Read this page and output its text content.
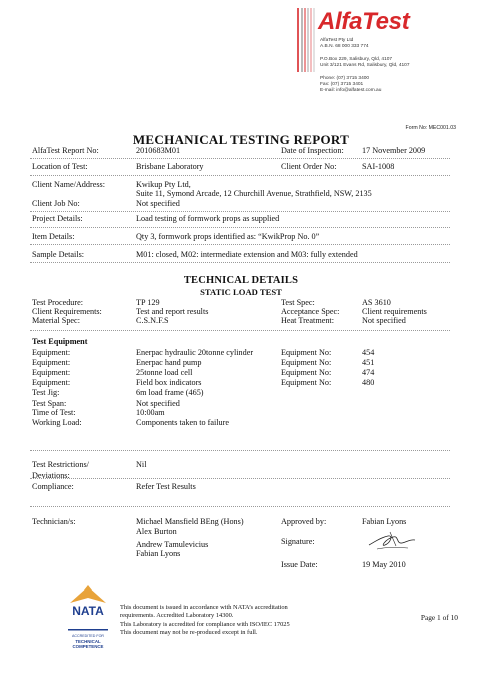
AlfaTest
AlfaTest Pty Ltd
A.B.N. 68 000 333 774
P.O.Box 229, Salisbury, Qld, 4107
Unit 3/121 Evans Rd, Salisbury, Qld, 4107
Phone: (07) 3715 3400
Fax: (07) 3715 3401
E-mail: info@alfatest.com.au
Form No: MEC001.03
MECHANICAL TESTING REPORT
AlfaTest Report No:	2010683M01	Date of Inspection: 17 November 2009
Location of Test:	Brisbane Laboratory	Client Order No:	SAI-1008
Client Name/Address:	Kwikup Pty Ltd,
Suite 11, Symond Arcade, 12 Churchill Avenue, Strathfield, NSW, 2135
Client Job No:	Not specified
Project Details:	Load testing of formwork props as supplied
Item Details:	Qty 3, formwork props identified as: “KwikProp No. 0”
Sample Details:	M01: closed, M02: intermediate extension and M03: fully extended
TECHNICAL DETAILS
STATIC LOAD TEST
Test Procedure:	TP 129	Test Spec:	AS 3610
Client Requirements:	Test and report results	Acceptance Spec:	Client requirements
Material Spec:	C.S.N.F.S	Heat Treatment:	Not specified
Test Equipment
Equipment:	Enerpac hydraulic 20tonne cylinder	Equipment No:	454
Equipment:	Enerpac hand pump	Equipment No:	451
Equipment:	25tonne load cell	Equipment No:	474
Equipment:	Field box indicators	Equipment No:	480
Test Jig:	6m load frame (465)
Test Span:	Not specified
Time of Test:	10:00am
Working Load:	Components taken to failure
Test Restrictions/
Deviations:
Nil
Compliance:	Refer Test Results
Technician/s:	Michael Mansfield BEng (Hons)
Alex Burton
Andrew Tamulevicius
Fabian Lyons
Approved by:	Fabian Lyons
Signature:
Issue Date:	19 May 2010
NATA
ACCREDITED FOR
TECHNICAL
COMPETENCE
This document is issued in accordance with NATA’s accreditation
requirements. Accredited Laboratory 14300.
This Laboratory is accredited for compliance with ISO/IEC 17025
This document may not be re-produced except in full.
Page 1 of 10
